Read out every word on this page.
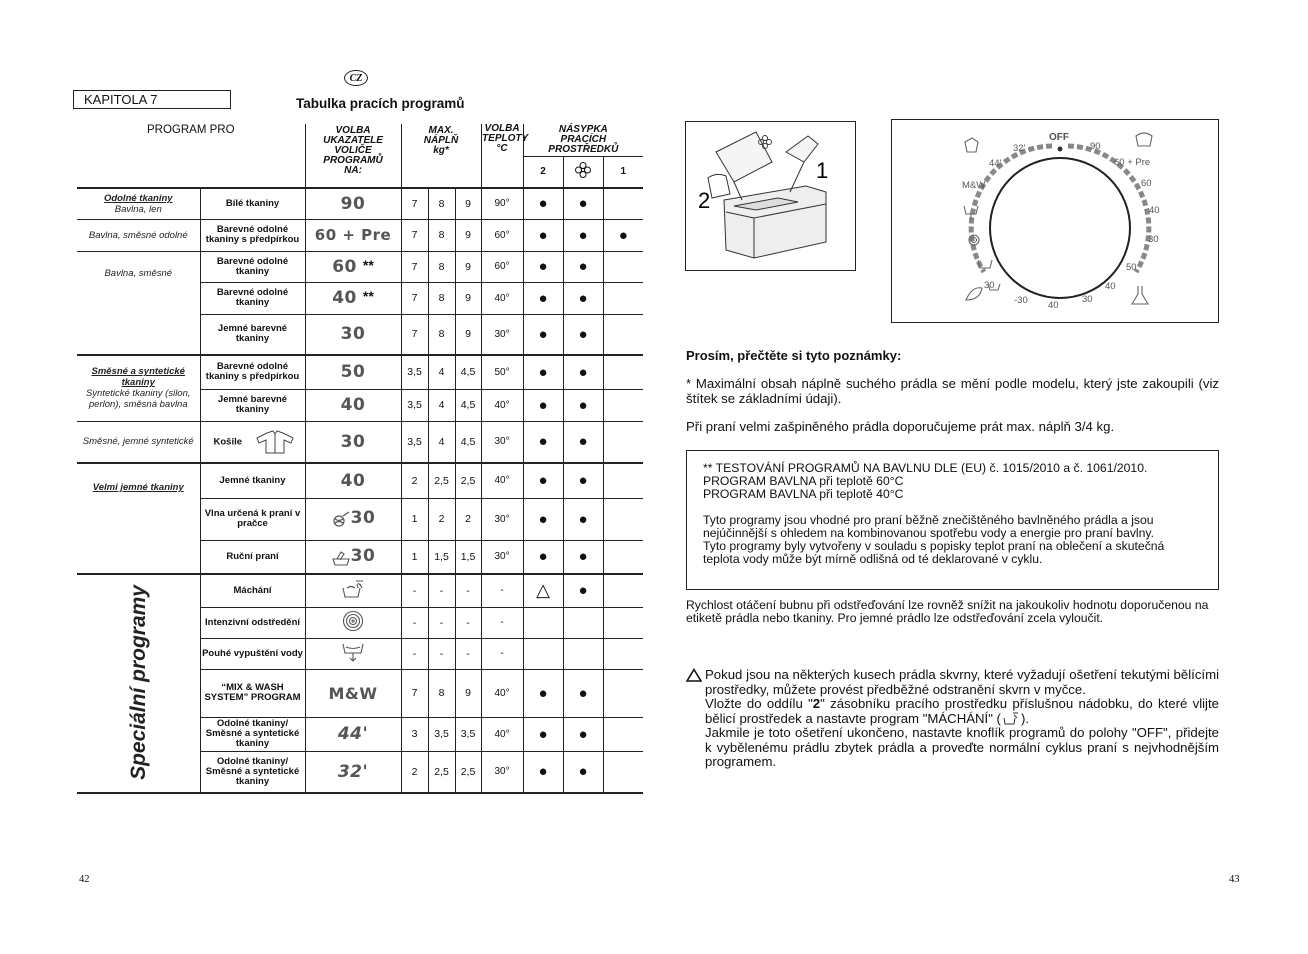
CZ
KAPITOLA 7	Tabulka pracích programů
PROGRAM PRO		VOLBA UKAZATELE VOLIČE PROGRAMŮ NA:	MAX. NÁPLŇ kg*			VOLBA TEPLOTY °C	NÁSYPKA PRACÍCH PROSTŘEDKŮ		

							2		1

Odolné tkaniny
Bavlna, len	Bílé tkaniny	90	7	8	9	90°	●	●	
Bavlna, směsné odolné	Barevné odolné tkaniny s předpírkou	60 + Pre	7	8	9	60°	●	●	●
Bavlna, směsné	Barevné odolné tkaniny	60 **	7	8	9	60°	●	●	
	Barevné odolné tkaniny	40 **	7	8	9	40°	●	●	
	Jemné barevné tkaniny	30	7	8	9	30°	●	●	

Směsné a syntetické tkaniny
Syntetické tkaniny (silon, perlon), směsná bavlna	Barevné odolné tkaniny s předpírkou	50	3,5	4	4,5	50°	●	●	
	Jemné barevné tkaniny	40	3,5	4	4,5	40°	●	●	
Směsné, jemné syntetické	Košile	30	3,5	4	4,5	30°	●	●	

Velmi jemné tkaniny	Jemné tkaniny	40	2	2,5	2,5	40°	●	●	
	Vlna určená k praní v pračce	30	1	2	2	30°	●	●	
	Ruční praní	30	1	1,5	1,5	30°	●	●	
Speciální programy	Máchání		-	-	-	-	△	●	
	Intenzivní odstředění		-	-	-	-			
	Pouhé vypuštění vody		-	-	-	-			
	“MIX & WASH SYSTEM” PROGRAM	M&W	7	8	9	40°	●	●	
	Odolné tkaniny/ Směsné a syntetické tkaniny	44'	3	3,5	3,5	40°	●	●	
	Odolné tkaniny/ Směsné a syntetické tkaniny	32'	2	2,5	2,5	30°	●	●	
42
2
1
OFF
90
60 + Pre
60
40
30
50
40
30
32'
44'
M&W
30
-30 40
Prosím, přečtěte si tyto poznámky:
* Maximální obsah náplně suchého prádla se mění podle modelu, který jste zakoupili (viz štítek se základními údaji).
Při praní velmi zašpiněného prádla doporučujeme prát max. náplň 3/4 kg.
** TESTOVÁNÍ PROGRAMŮ NA BAVLNU DLE (EU) č. 1015/2010 a č. 1061/2010.
PROGRAM BAVLNA při teplotě 60°C
PROGRAM BAVLNA při teplotě 40°C
Tyto programy jsou vhodné pro praní běžně znečištěného bavlněného prádla a jsou nejúčinnější s ohledem na kombinovanou spotřebu vody a energie pro praní bavlny.
Tyto programy byly vytvořeny v souladu s popisky teplot praní na oblečení a skutečná teplota vody může být mírně odlišná od té deklarované v cyklu.
Rychlost otáčení bubnu při odstřeďování lze rovněž snížit na jakoukoliv hodnotu doporučenou na etiketě prádla nebo tkaniny. Pro jemné prádlo lze odstřeďování zcela vyloučit.
Pokud jsou na některých kusech prádla skvrny, které vyžadují ošetření tekutými bělícími prostředky, můžete provést předběžné odstranění skvrn v myčce.
Vložte do oddílu "2" zásobníku pracího prostředku příslušnou nádobku, do které vlijte bělicí prostředek a nastavte program "MÁCHÁNÍ" ( ).
Jakmile je toto ošetření ukončeno, nastavte knoflík programů do polohy "OFF", přidejte k vybělenému prádlu zbytek prádla a proveďte normální cyklus praní s nejvhodnějším programem.
43
